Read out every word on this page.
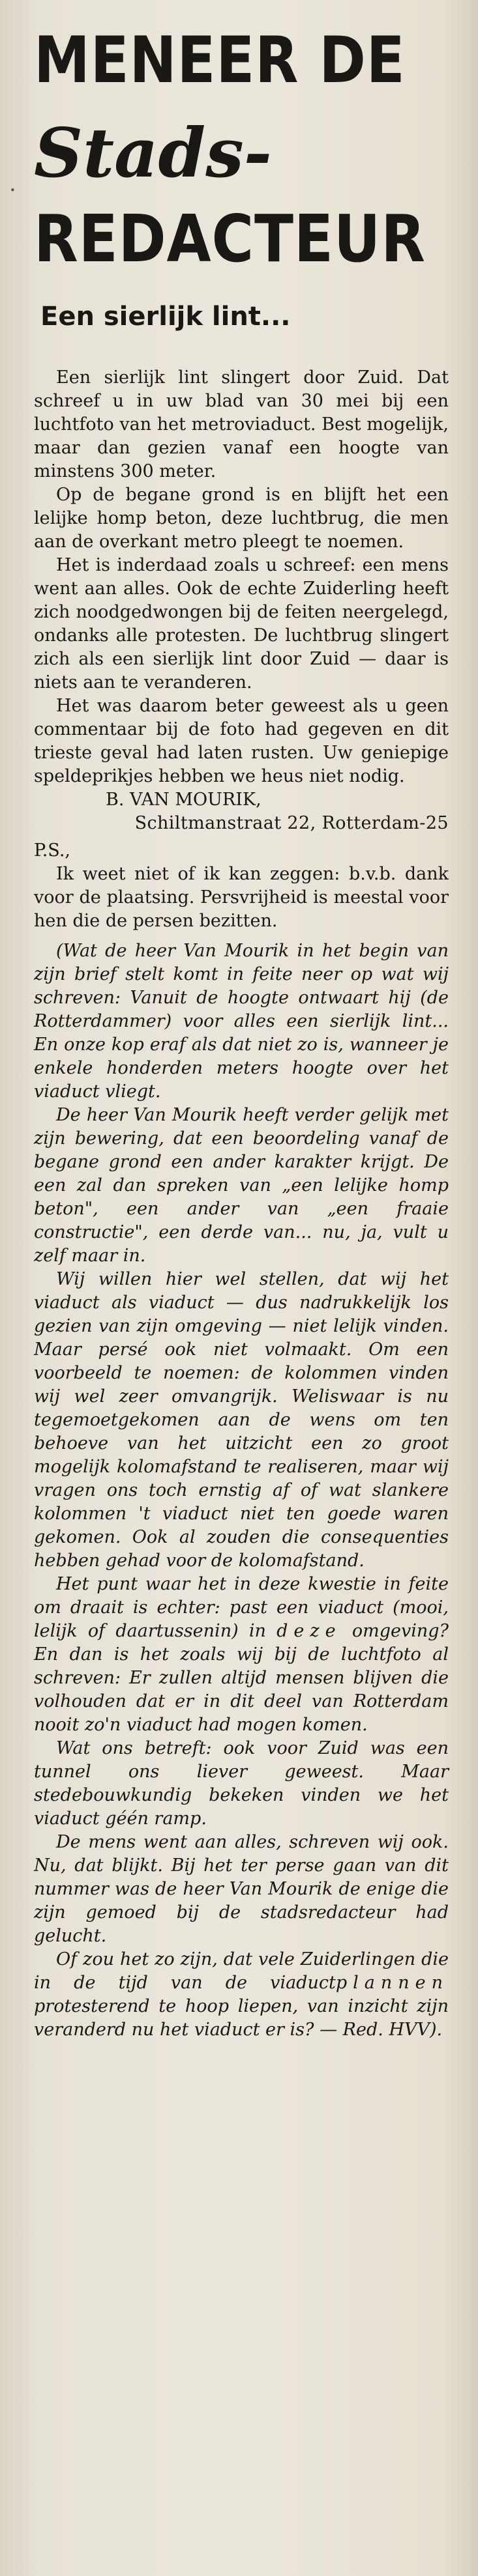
.
MENEER DE
Stads-
REDACTEUR
Een sierlijk lint...

Een sierlijk lint slingert door Zuid. Dat schreef u in uw blad van 30 mei bij een luchtfoto van het metroviaduct. Best mogelijk, maar dan gezien vanaf een hoogte van minstens 300 meter.

Op de begane grond is en blijft het een lelijke homp beton, deze luchtbrug, die men aan de overkant metro pleegt te noemen.

Het is inderdaad zoals u schreef: een mens went aan alles. Ook de echte Zuiderling heeft zich noodgedwongen bij de feiten neergelegd, ondanks alle protesten. De luchtbrug slingert zich als een sierlijk lint door Zuid — daar is niets aan te veranderen.

Het was daarom beter geweest als u geen commentaar bij de foto had gegeven en dit trieste geval had laten rusten. Uw geniepige speldeprikjes hebben we heus niet nodig.

B. VAN MOURIK,
Schiltmanstraat 22, Rotterdam-25
P.S.,

Ik weet niet of ik kan zeggen: b.v.b. dank voor de plaatsing. Persvrijheid is meestal voor hen die de persen bezitten.

(Wat de heer Van Mourik in het begin van zijn brief stelt komt in feite neer op wat wij schreven: Vanuit de hoogte ontwaart hij (de Rotterdammer) voor alles een sierlijk lint... En onze kop eraf als dat niet zo is, wanneer je enkele honderden meters hoogte over het viaduct vliegt.

De heer Van Mourik heeft verder gelijk met zijn bewering, dat een beoordeling vanaf de begane grond een ander karakter krijgt. De een zal dan spreken van „een lelijke homp beton", een ander van „een fraaie constructie", een derde van... nu, ja, vult u zelf maar in.

Wij willen hier wel stellen, dat wij het viaduct als viaduct — dus nadrukkelijk los gezien van zijn omgeving — niet lelijk vinden. Maar persé ook niet volmaakt. Om een voorbeeld te noemen: de kolommen vinden wij wel zeer omvangrijk. Weliswaar is nu tegemoetgekomen aan de wens om ten behoeve van het uitzicht een zo groot mogelijk kolomafstand te realiseren, maar wij vragen ons toch ernstig af of wat slankere kolommen 't viaduct niet ten goede waren gekomen. Ook al zouden die consequenties hebben gehad voor de kolomafstand.

Het punt waar het in deze kwestie in feite om draait is echter: past een viaduct (mooi, lelijk of daartussenin) in deze omgeving? En dan is het zoals wij bij de luchtfoto al schreven: Er zullen altijd mensen blijven die volhouden dat er in dit deel van Rotterdam nooit zo'n viaduct had mogen komen.

Wat ons betreft: ook voor Zuid was een tunnel ons liever geweest. Maar stedebouwkundig bekeken vinden we het viaduct géén ramp.

De mens went aan alles, schreven wij ook. Nu, dat blijkt. Bij het ter perse gaan van dit nummer was de heer Van Mourik de enige die zijn gemoed bij de stadsredacteur had gelucht.

Of zou het zo zijn, dat vele Zuiderlingen die in de tijd van de viaductplannen protesterend te hoop liepen, van inzicht zijn veranderd nu het viaduct er is? — Red. HVV).
